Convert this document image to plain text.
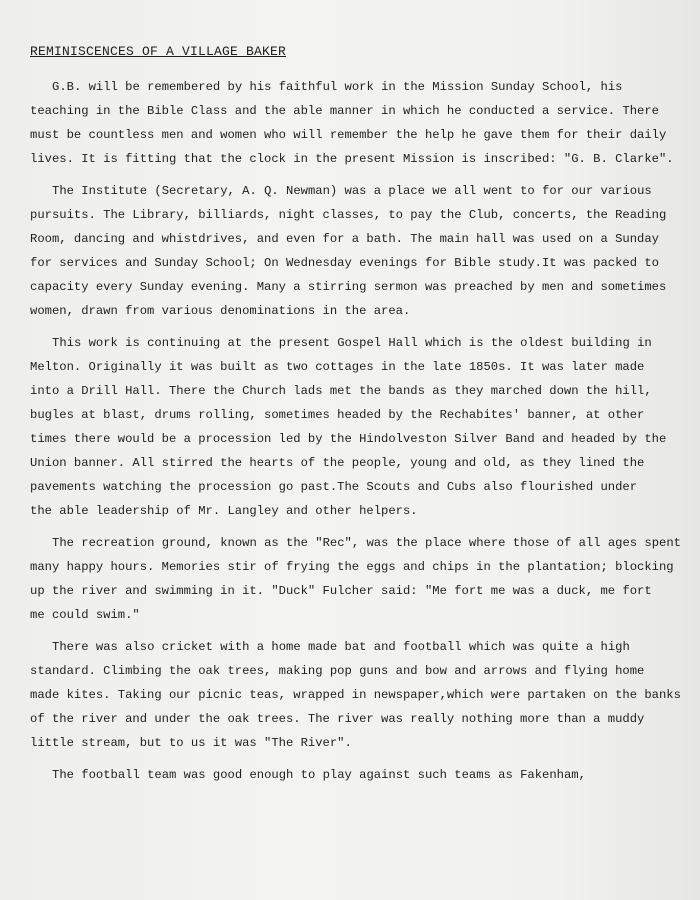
REMINISCENCES OF A VILLAGE BAKER

G.B. will be remembered by his faithful work in the Mission Sunday School, his
teaching in the Bible Class and the able manner in which he conducted a service. There
must be countless men and women who will remember the help he gave them for their daily
lives. It is fitting that the clock in the present Mission is inscribed: "G. B. Clarke".

The Institute (Secretary, A. Q. Newman) was a place we all went to for our various
pursuits. The Library, billiards, night classes, to pay the Club, concerts, the Reading
Room, dancing and whistdrives, and even for a bath. The main hall was used on a Sunday
for services and Sunday School; On Wednesday evenings for Bible study.It was packed to
capacity every Sunday evening. Many a stirring sermon was preached by men and sometimes
women, drawn from various denominations in the area.

This work is continuing at the present Gospel Hall which is the oldest building in
Melton. Originally it was built as two cottages in the late 1850s. It was later made
into a Drill Hall. There the Church lads met the bands as they marched down the hill,
bugles at blast, drums rolling, sometimes headed by the Rechabites' banner, at other
times there would be a procession led by the Hindolveston Silver Band and headed by the
Union banner. All stirred the hearts of the people, young and old, as they lined the
pavements watching the procession go past.The Scouts and Cubs also flourished under
the able leadership of Mr. Langley and other helpers.

The recreation ground, known as the "Rec", was the place where those of all ages spent
many happy hours. Memories stir of frying the eggs and chips in the plantation; blocking
up the river and swimming in it. "Duck" Fulcher said: "Me fort me was a duck, me fort
me could swim."

There was also cricket with a home made bat and football which was quite a high
standard. Climbing the oak trees, making pop guns and bow and arrows and flying home
made kites. Taking our picnic teas, wrapped in newspaper,which were partaken on the banks
of the river and under the oak trees. The river was really nothing more than a muddy
little stream, but to us it was "The River".

The football team was good enough to play against such teams as Fakenham,
